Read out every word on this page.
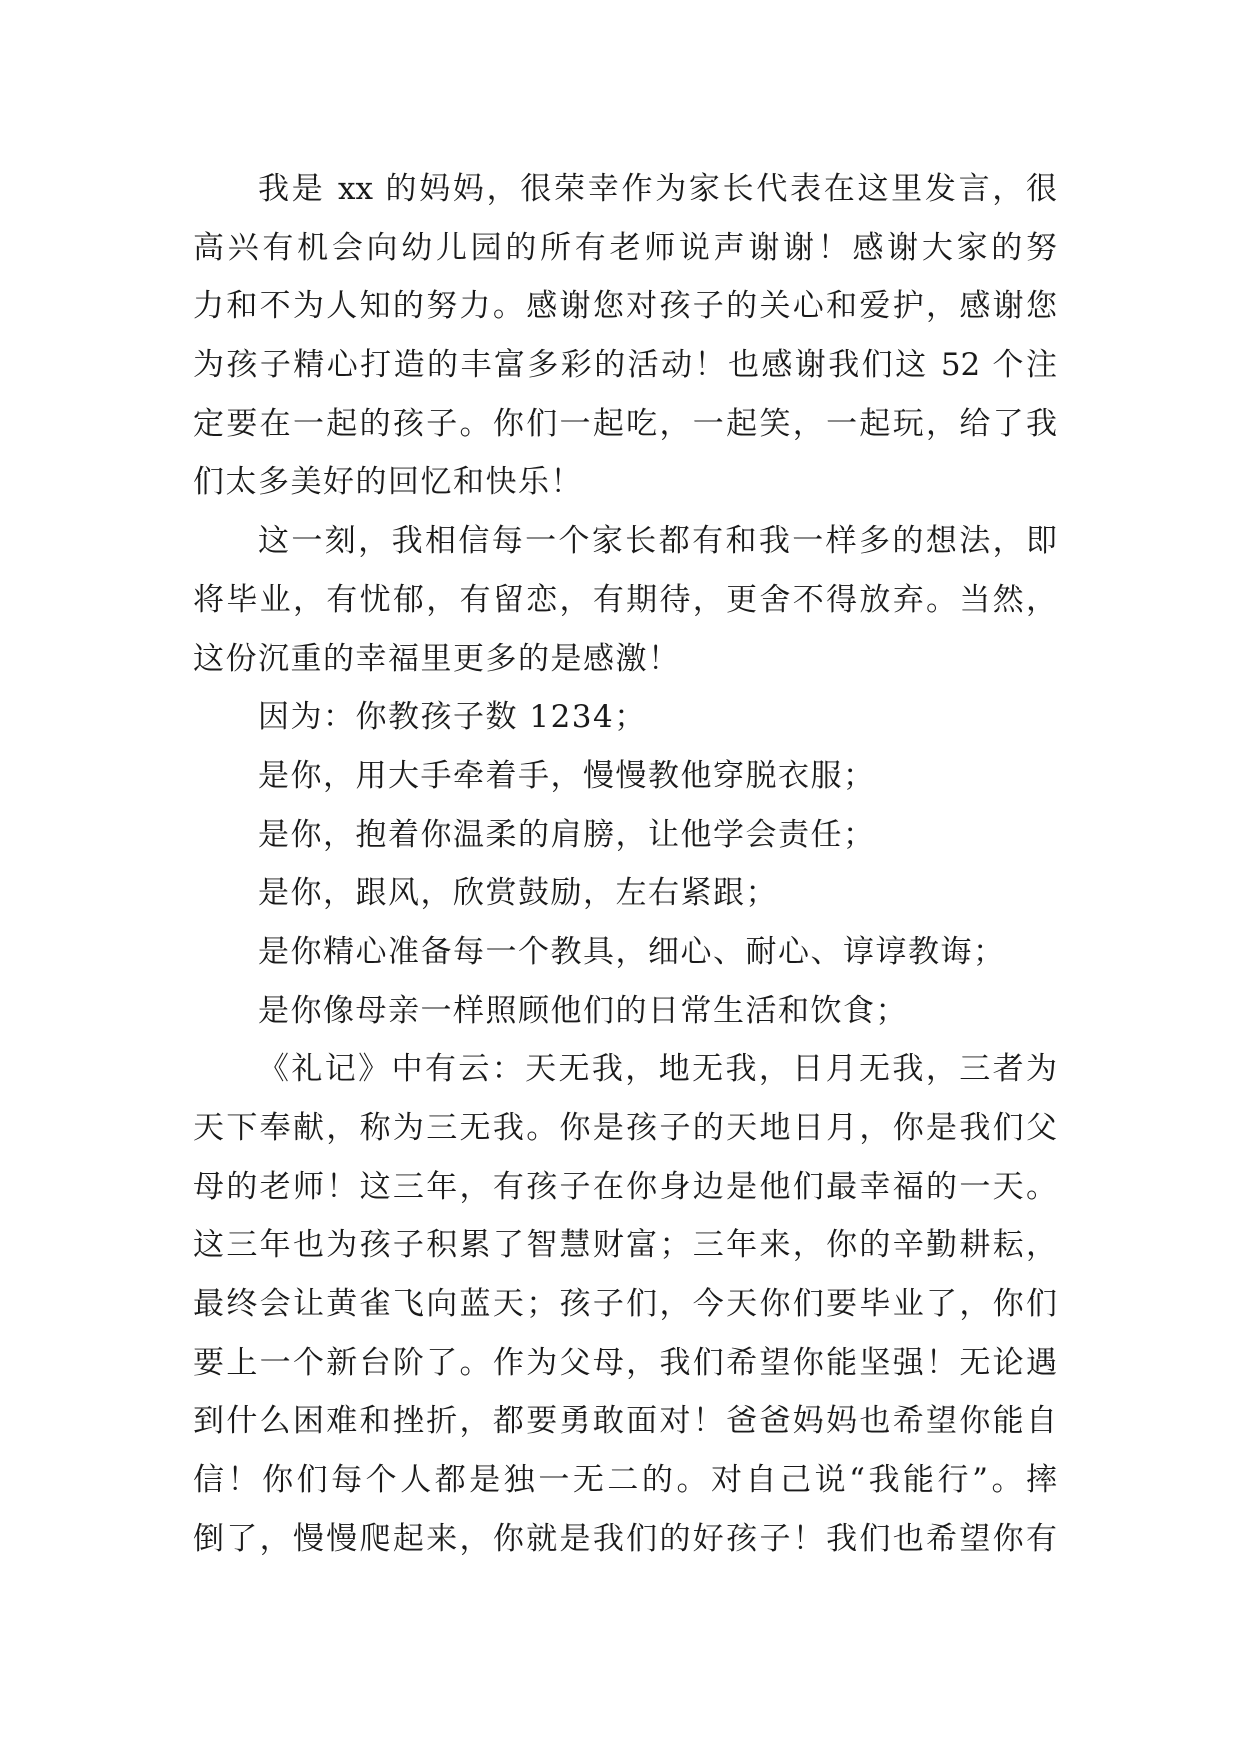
我是 xx 的妈妈，很荣幸作为家长代表在这里发言，很
高兴有机会向幼儿园的所有老师说声谢谢！感谢大家的努
力和不为人知的努力。感谢您对孩子的关心和爱护，感谢您
为孩子精心打造的丰富多彩的活动！也感谢我们这 52 个注
定要在一起的孩子。你们一起吃，一起笑，一起玩，给了我
们太多美好的回忆和快乐！
这一刻，我相信每一个家长都有和我一样多的想法，即
将毕业，有忧郁，有留恋，有期待，更舍不得放弃。当然，
这份沉重的幸福里更多的是感激！
因为：你教孩子数 1234；
是你，用大手牵着手，慢慢教他穿脱衣服；
是你，抱着你温柔的肩膀，让他学会责任；
是你，跟风，欣赏鼓励，左右紧跟；
是你精心准备每一个教具，细心、耐心、谆谆教诲；
是你像母亲一样照顾他们的日常生活和饮食；
《礼记》中有云：天无我，地无我，日月无我，三者为
天下奉献，称为三无我。你是孩子的天地日月，你是我们父
母的老师！这三年，有孩子在你身边是他们最幸福的一天。
这三年也为孩子积累了智慧财富；三年来，你的辛勤耕耘，
最终会让黄雀飞向蓝天；孩子们，今天你们要毕业了，你们
要上一个新台阶了。作为父母，我们希望你能坚强！无论遇
到什么困难和挫折，都要勇敢面对！爸爸妈妈也希望你能自
信！你们每个人都是独一无二的。对自己说“我能行”。摔
倒了，慢慢爬起来，你就是我们的好孩子！我们也希望你有
